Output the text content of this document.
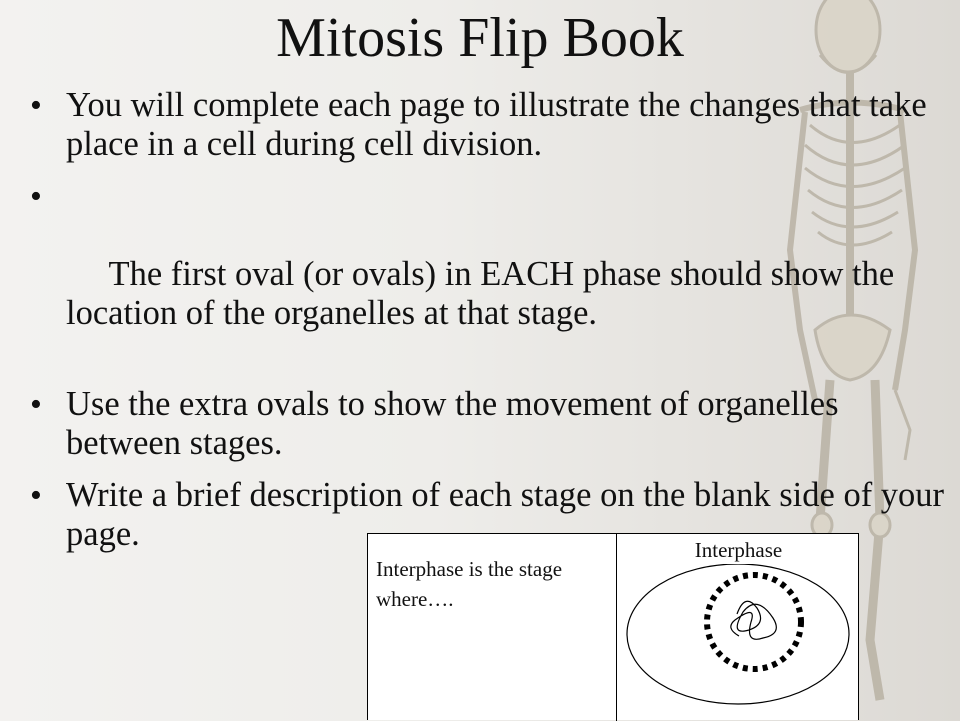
Mitosis Flip Book
• You will complete each page to illustrate the changes that take place in a cell during cell division.

•

The first oval (or ovals) in EACH phase should show the location of the organelles at that stage.

• Use the extra ovals to show the movement of organelles between stages.
• Write a brief description of each stage on the blank side of your page.
Interphase is the stage where….
Interphase
